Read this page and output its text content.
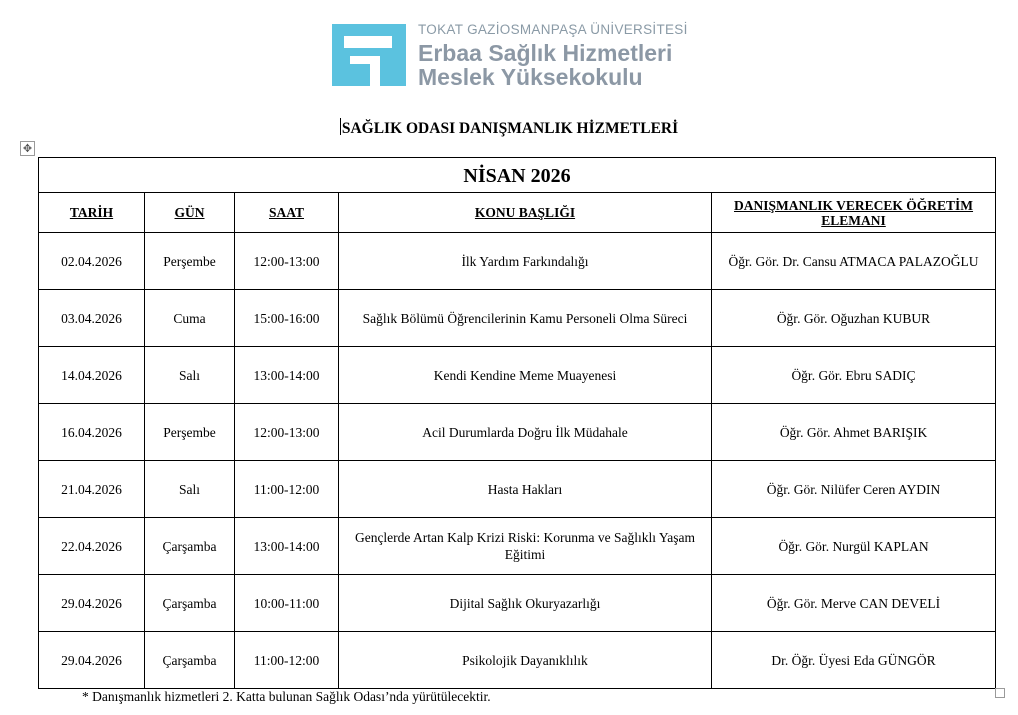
TOKAT GAZİOSMANPAŞA ÜNİVERSİTESİ
Erbaa Sağlık Hizmetleri
Meslek Yüksekokulu
SAĞLIK ODASI DANIŞMANLIK HİZMETLERİ
✥
NİSAN 2026				
TARİH	GÜN	SAAT	KONU BAŞLIĞI	DANIŞMANLIK VERECEK ÖĞRETİM ELEMANI
02.04.2026	Perşembe	12:00-13:00	İlk Yardım Farkındalığı	Öğr. Gör. Dr. Cansu ATMACA PALAZOĞLU
03.04.2026	Cuma	15:00-16:00	Sağlık Bölümü Öğrencilerinin Kamu Personeli Olma Süreci	Öğr. Gör. Oğuzhan KUBUR
14.04.2026	Salı	13:00-14:00	Kendi Kendine Meme Muayenesi	Öğr. Gör. Ebru SADIÇ
16.04.2026	Perşembe	12:00-13:00	Acil Durumlarda Doğru İlk Müdahale	Öğr. Gör. Ahmet BARIŞIK
21.04.2026	Salı	11:00-12:00	Hasta Hakları	Öğr. Gör. Nilüfer Ceren AYDIN
22.04.2026	Çarşamba	13:00-14:00	Gençlerde Artan Kalp Krizi Riski: Korunma ve Sağlıklı Yaşam Eğitimi	Öğr. Gör. Nurgül KAPLAN
29.04.2026	Çarşamba	10:00-11:00	Dijital Sağlık Okuryazarlığı	Öğr. Gör. Merve CAN DEVELİ
29.04.2026	Çarşamba	11:00-12:00	Psikolojik Dayanıklılık	Dr. Öğr. Üyesi Eda GÜNGÖR
* Danışmanlık hizmetleri 2. Katta bulunan Sağlık Odası’nda yürütülecektir.
